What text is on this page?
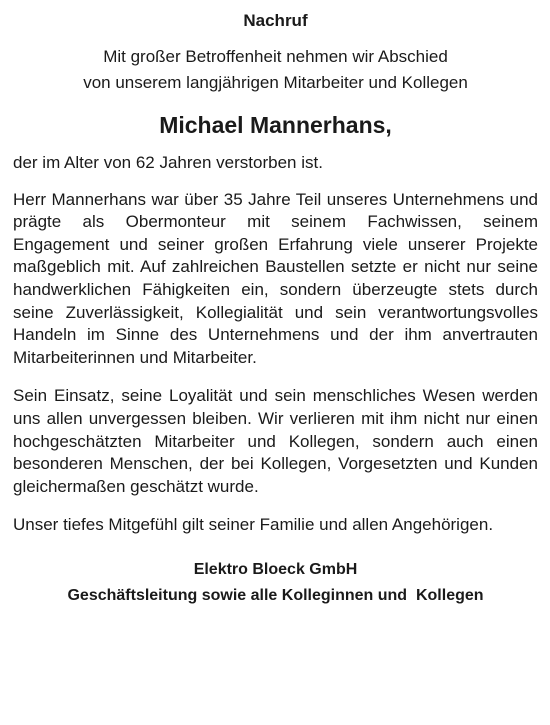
Nachruf
Mit großer Betroffenheit nehmen wir Abschied
von unserem langjährigen Mitarbeiter und Kollegen
Michael Mannerhans,

der im Alter von 62 Jahren verstorben ist.

Herr Mannerhans war über 35 Jahre Teil unseres Unternehmens und prägte als Obermonteur mit seinem Fachwissen, seinem Engagement und seiner großen Erfahrung viele unserer Projekte maßgeblich mit. Auf zahlreichen Baustellen setzte er nicht nur seine handwerklichen Fähigkeiten ein, sondern überzeugte stets durch seine Zuverlässigkeit, Kollegialität und sein verantwortungsvolles Handeln im Sinne des Unternehmens und der ihm anvertrauten Mitarbeiterinnen und Mitarbeiter.

Sein Einsatz, seine Loyalität und sein menschliches Wesen werden uns allen unvergessen bleiben. Wir verlieren mit ihm nicht nur einen hochgeschätzten Mitarbeiter und Kollegen, sondern auch einen besonderen Menschen, der bei Kollegen, Vorgesetzten und Kunden gleichermaßen geschätzt wurde.

Unser tiefes Mitgefühl gilt seiner Familie und allen Angehörigen.

Elektro Bloeck GmbH
Geschäftsleitung sowie alle Kolleginnen und  Kollegen
